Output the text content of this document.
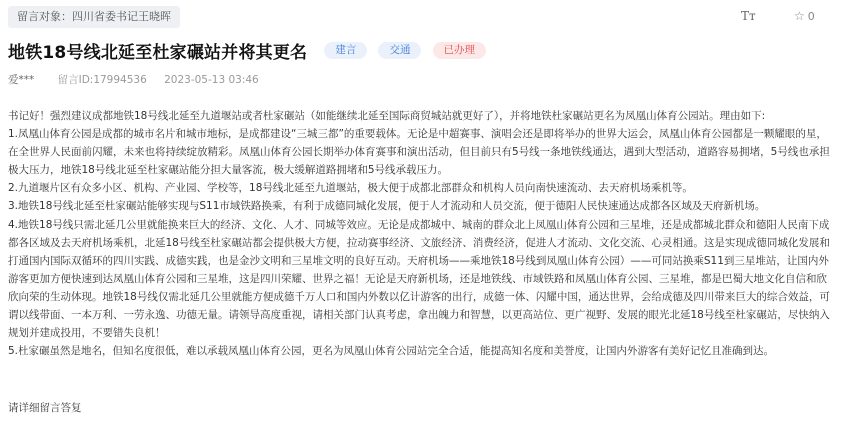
留言对象：四川省委书记王晓晖	Tт	☆ 0
地铁18号线北延至杜家碾站并将其更名	建言	交通	已办理
爱*** 留言ID:17994536 2023-05-13 03:46

书记好！强烈建议成都地铁18号线北延至九道堰站或者杜家碾站（如能继续北延至国际商贸城站就更好了），并将地铁杜家碾站更名为凤凰山体育公园站。理由如下:

1.凤凰山体育公园是成都的城市名片和城市地标，是成都建设“三城三都”的重要载体。无论是中超赛事、演唱会还是即将举办的世界大运会，凤凰山体育公园都是一颗耀眼的星，在全世界人民面前闪耀，未来也将持续绽放精彩。凤凰山体育公园长期举办体育赛事和演出活动，但目前只有5号线一条地铁线通达，遇到大型活动，道路容易拥堵，5号线也承担极大压力，地铁18号线北延至杜家碾站能分担大量客流，极大缓解道路拥堵和5号线承载压力。

2.九道堰片区有众多小区、机构、产业园、学校等，18号线北延至九道堰站，极大便于成都北部群众和机构人员向南快速流动、去天府机场乘机等。

3.地铁18号线北延至杜家碾站能够实现与S11市域铁路换乘，有利于成德同城化发展，便于人才流动和人员交流，便于德阳人民快速通达成都各区域及天府新机场。

4.地铁18号线只需北延几公里就能换来巨大的经济、文化、人才、同城等效应。无论是成都城中、城南的群众北上凤凰山体育公园和三星堆，还是成都城北群众和德阳人民南下成都各区域及去天府机场乘机，北延18号线至杜家碾站都会提供极大方便，拉动赛事经济、文旅经济、消费经济，促进人才流动、文化交流、心灵相通。这是实现成德同城化发展和打通国内国际双循环的四川实践、成德实践，也是金沙文明和三星堆文明的良好互动。天府机场——乘地铁18号线到凤凰山体育公园）——可同站换乘S11到三星堆站，让国内外游客更加方便快速到达凤凰山体育公园和三星堆，这是四川荣耀、世界之福！无论是天府新机场，还是地铁线、市域铁路和凤凰山体育公园、三星堆，都是巴蜀大地文化自信和欣欣向荣的生动体现。地铁18号线仅需北延几公里就能方便成德千万人口和国内外数以亿计游客的出行，成德一体、闪耀中国，通达世界，会给成德及四川带来巨大的综合效益，可谓以线带面、一本万利、一劳永逸、功德无量。请领导高度重视，请相关部门认真考虑，拿出魄力和智慧，以更高站位、更广视野、发展的眼光北延18号线至杜家碾站，尽快纳入规划并建成投用，不要错失良机！

5.杜家碾虽然是地名，但知名度很低，难以承载凤凰山体育公园，更名为凤凰山体育公园站完全合适，能提高知名度和美誉度，让国内外游客有美好记忆且准确到达。

请详细留言答复
